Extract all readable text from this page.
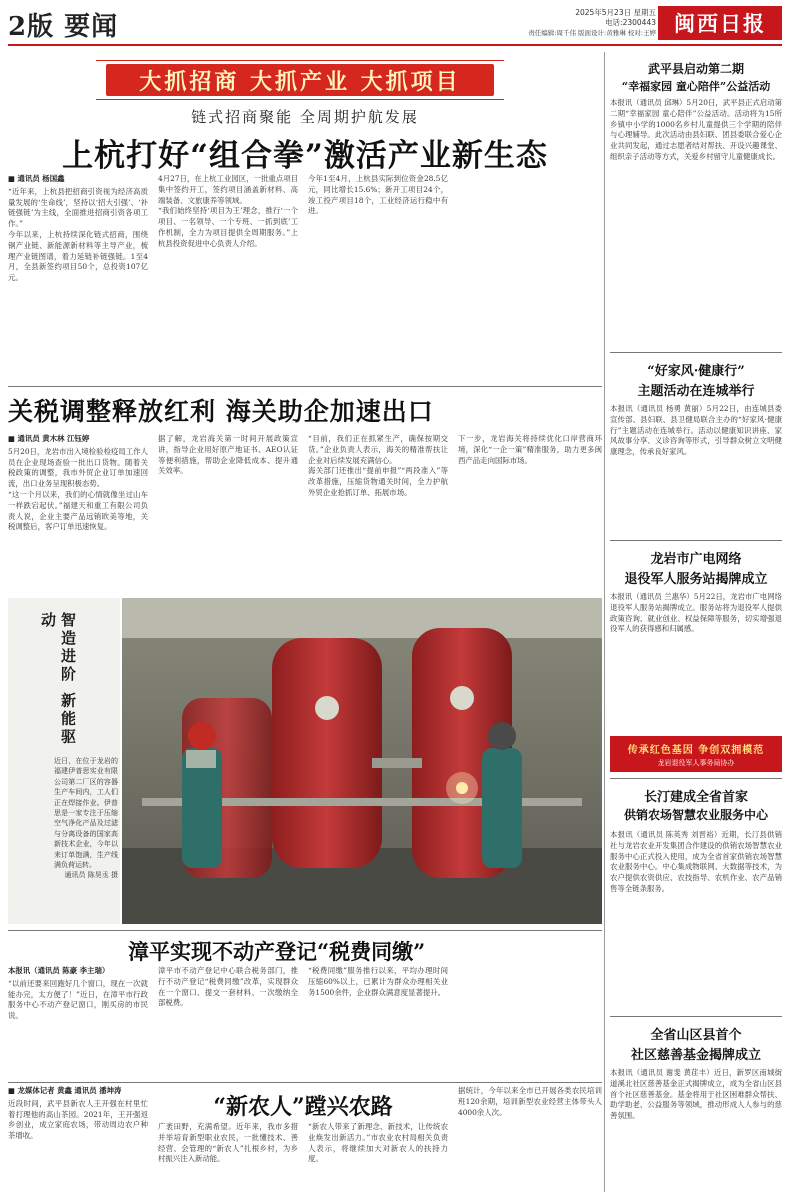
2版 要闻	2025年5月23日 星期五
电话:2300443
责任编辑:周千伟 版面设计:黄雅琳 校对:王婷 闽西日报
大抓招商 大抓产业 大抓项目
链式招商聚能 全周期护航发展
上杭打好“组合拳”激活产业新生态
■ 通讯员 杨国鑫

“近年来，上杭县把招商引资视为经济高质量发展的‘生命线’，坚持以‘招大引强’、‘补链强链’为主线，全面推进招商引资各项工作。”

今年以来，上杭持续深化链式招商，围绕铜产业链、新能源新材料等主导产业，梳理产业链图谱，着力延链补链强链。1至4月，全县新签约项目50个，总投资107亿元。

4月27日，在上杭工业园区，一批重点项目集中签约开工，签约项目涵盖新材料、高端装备、文旅康养等领域。

“我们始终坚持‘项目为王’理念，推行‘一个项目、一名领导、一个专班、一抓到底’工作机制，全力为项目提供全周期服务。”上杭县投资促进中心负责人介绍。

今年1至4月，上杭县实际到位资金28.5亿元，同比增长15.6%；新开工项目24个，竣工投产项目18个，工业经济运行稳中有进。

关税调整释放红利 海关助企加速出口
■ 通讯员 黄木林 江钰婷

5月20日，龙岩市出入境检验检疫局工作人员在企业现场查验一批出口货物。随着关税政策的调整，我市外贸企业订单加速回流，出口业务呈现积极态势。

“这一个月以来，我们的心情就像坐过山车一样跌宕起伏。”福建天和重工有限公司负责人说，企业主要产品远销欧美等地，关税调整后，客户订单迅速恢复。

据了解，龙岩海关第一时间开展政策宣讲，指导企业用好原产地证书、AEO认证等便利措施，帮助企业降低成本、提升通关效率。

“目前，我们正在抓紧生产，确保按期交货。”企业负责人表示，海关的精准帮扶让企业对后续发展充满信心。

海关部门还推出“提前申报”“两段准入”等改革措施，压缩货物通关时间，全力护航外贸企业抢抓订单、拓展市场。

下一步，龙岩海关将持续优化口岸营商环境，深化“一企一策”精准服务，助力更多闽西产品走向国际市场。

智造进阶 新能驱动

近日，在位于龙岩的福建伊普思实业有限公司第二厂区的容器生产车间内，工人们正在焊接作业。伊普思是一家专注于压缩空气净化产品及过滤与分离设备的国家高新技术企业，今年以来订单饱满，生产线满负荷运转。

通讯员 陈昊丞 摄

漳平实现不动产登记“税费同缴”
本报讯（通讯员 陈豪 李主瑞）

“以前还要来回跑好几个窗口，现在一次就能办完，太方便了！”近日，在漳平市行政服务中心不动产登记窗口，刚买房的市民说。

漳平市不动产登记中心联合税务部门，推行不动产登记“税费同缴”改革，实现群众在一个窗口、提交一套材料、一次缴纳全部税费。

“税费同缴”服务推行以来，平均办理时间压缩60%以上，已累计为群众办理相关业务1500余件，企业群众满意度显著提升。

■ 龙媒体记者 黄鑫 通讯员 潘坤涛

近段时间，武平县新农人王开强在村里忙着打理他的高山茶园。2021年，王开强返乡创业，成立家庭农场，带动周边农户种茶增收。

“新农人”蹚兴农路

广袤田野，充满希望。近年来，我市多措并举培育新型职业农民，一批懂技术、善经营、会管理的“新农人”扎根乡村，为乡村振兴注入新动能。

“新农人带来了新理念、新技术，让传统农业焕发出新活力。”市农业农村局相关负责人表示，将继续加大对新农人的扶持力度。

据统计，今年以来全市已开展各类农民培训班120余期，培训新型农业经营主体带头人4000余人次。

武平县启动第二期
“幸福家园 童心陪伴”公益活动
本报讯（通讯员 邱琳）5月20日，武平县正式启动第二期“幸福家园 童心陪伴”公益活动。活动将为15所乡镇中小学的1000名乡村儿童提供三个学期的陪伴与心理辅导。此次活动由县妇联、团县委联合爱心企业共同发起，通过志愿者结对帮扶、开设兴趣课堂、组织亲子活动等方式，关爱乡村留守儿童健康成长。
“好家风·健康行”
主题活动在连城举行
本报讯（通讯员 杨勇 黄丽）5月22日，由连城县委宣传部、县妇联、县卫健局联合主办的“好家风·健康行”主题活动在连城举行。活动以健康知识讲座、家风故事分享、义诊咨询等形式，引导群众树立文明健康理念，传承良好家风。
龙岩市广电网络
退役军人服务站揭牌成立
本报讯（通讯员 兰惠华）5月22日，龙岩市广电网络退役军人服务站揭牌成立。服务站将为退役军人提供政策咨询、就业创业、权益保障等服务，切实增强退役军人的获得感和归属感。
传承红色基因 争创双拥模范
龙岩退役军人事务局协办
长汀建成全省首家
供销农场智慧农业服务中心
本报讯（通讯员 陈英秀 刘晋裕）近期，长汀县供销社与龙岩农业开发集团合作建设的供销农场智慧农业服务中心正式投入使用，成为全省首家供销农场智慧农业服务中心。中心集成物联网、大数据等技术，为农户提供农资供应、农技指导、农机作业、农产品销售等全链条服务。
全省山区县首个
社区慈善基金揭牌成立
本报讯（通讯员 谢斐 黄荏丰）近日，新罗区南城街道溪北社区慈善基金正式揭牌成立，成为全省山区县首个社区慈善基金。基金将用于社区困难群众帮扶、助学助老、公益服务等领域，推动形成人人参与的慈善氛围。
